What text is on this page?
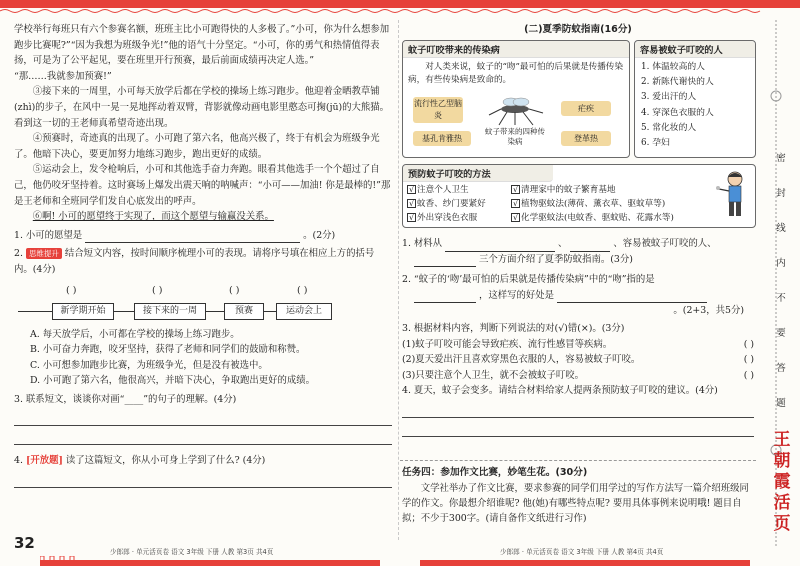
学校举行每班只有六个参赛名额，班班主比小可跑得快的人多极了。”小可，你为什么想参加跑步比赛呢?”“因为我想为班级争光!”他的语气十分坚定。“小可，你的勇气和热情值得表扬，可是为了公平起见，要在班里开行预赛，最后前面成绩再决定人选。”

“那……我就参加预赛!”

③接下来的一周里，小可每天放学后都在学校的操场上练习跑步。他迎着金晒教草铺(zhì)的步子，在风中一晃一晃地挥动着双臂，背影就像动画电影里憨态可掬(jū)的大熊猫。看到这一切的王老师真希望奇迹出现。

④预赛时，奇迹真的出现了。小可跑了第六名，他高兴极了，终于有机会为班级争光了。他暗下决心，要更加努力地练习跑步，跑出更好的成绩。

⑤运动会上，发令枪响后，小可和其他选手奋力奔跑。眼看其他选手一个个超过了自己，他仍咬牙坚持着。这时赛场上爆发出震天响的呐喊声：“小可——加油! 你是最棒的!”那是王老师和全班同学们发自心底发出的呼声。

⑥啊! 小可的愿望终于实现了，而这个愿望与输赢没关系。

1. 小可的愿望是	。(2分)
2. 思维提升 结合短文内容，按时间顺序梳理小可的表现。请将序号填在相应上方的括号内。(4分)
( )	( )	( )	( )
新学期开始	接下来的一周	预赛	运动会上
A. 每天放学后，小可都在学校的操场上练习跑步。
B. 小可奋力奔跑，咬牙坚持，获得了老师和同学们的鼓励和称赞。
C. 小可想参加跑步比赛，为班级争光，但是没有被选中。
D. 小可跑了第六名，他很高兴，并暗下决心，争取跑出更好的成绩。
3. 联系短文，谈谈你对画“____”的句子的理解。(4分)
4. [开放题] 读了这篇短文，你从小可身上学到了什么? (4分)
32	少郎郎 · 单元活页卷 语文 3年级 下册 人教 第3页 共4页
(二)夏季防蚊指南(16分)
蚊子叮咬带来的传染病

对人类来说，蚊子的“吻”最可怕的后果就是传播传染病，有些传染病是致命的。

流行性乙型脑炎
疟疾
基孔肯雅热	登革热
蚊子带来的四种传染病
容易被蚊子叮咬的人
1. 体温较高的人
2. 新陈代谢快的人
3. 爱出汗的人
4. 穿深色衣服的人
5. 常化妆的人
6. 孕妇
预防蚊子叮咬的方法
√ 注意个人卫生
√ 蚊香、纱门要紧好
√ 外出穿浅色衣服
√ 清理家中的蚊子繁育基地
√ 植物驱蚊法(薄荷、薰衣草、驱蚊草等)
√ 化学驱蚊法(电蚊香、驱蚊贴、花露水等)
1. 材料从	、	、容易被蚊子叮咬的人、
三个方面介绍了夏季防蚊指南。(3分)
2. “蚊子的‘吻’最可怕的后果就是传播传染病”中的“吻”指的是
，这样写的好处是
。(2+3，共5分)
3. 根据材料内容，判断下列说法的对(√)错(×)。(3分)
(1)蚊子叮咬可能会导致疟疾、流行性感冒等疾病。	( )
(2)夏天爱出汗且喜欢穿黑色衣服的人，容易被蚊子叮咬。	( )
(3)只要注意个人卫生，就不会被蚊子叮咬。	( )
4. 夏天，蚊子会变多。请结合材料给家人提两条预防蚊子叮咬的建议。(4分)
任务四：参加作文比赛，妙笔生花。(30分)

文学社举办了作文比赛，要求参赛的同学们用学过的写作方法写一篇介绍班级同学的作文。你最想介绍谁呢? 他(她)有哪些特点呢? 要用具体事例来说明哦! 题目自拟；不少于300字。(请自备作文纸进行习作)

少郎郎 · 单元活页卷 语文 3年级 下册 人教 第4页 共4页
密
封
线
内
不
要
答
题
王朝霞活页
